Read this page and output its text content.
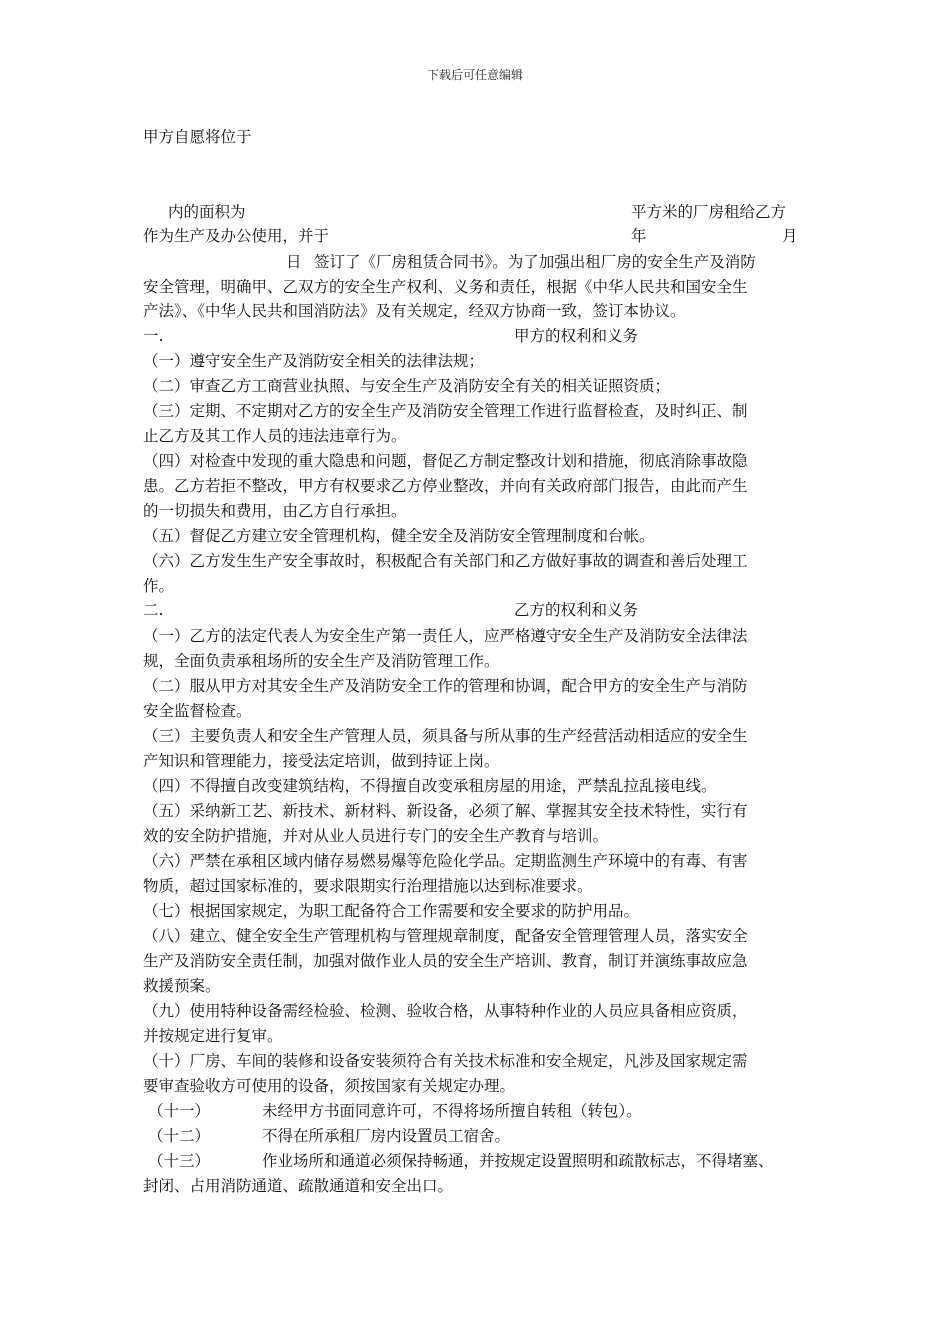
下载后可任意编辑
甲方自愿将位于
内的面积为	平方米的厂房租给乙方
作为生产及办公使用，并于	年	月
日 签订了《厂房租赁合同书》。为了加强出租厂房的安全生产及消防
安全管理，明确甲、乙双方的安全生产权利、义务和责任，根据《中华人民共和国安全生
产法》、《中华人民共和国消防法》及有关规定，经双方协商一致，签订本协议。
一.	甲方的权利和义务
（一）遵守安全生产及消防安全相关的法律法规；
（二）审查乙方工商营业执照、与安全生产及消防安全有关的相关证照资质；
（三）定期、不定期对乙方的安全生产及消防安全管理工作进行监督检查，及时纠正、制
止乙方及其工作人员的违法违章行为。
（四）对检查中发现的重大隐患和问题，督促乙方制定整改计划和措施，彻底消除事故隐
患。乙方若拒不整改，甲方有权要求乙方停业整改，并向有关政府部门报告，由此而产生
的一切损失和费用，由乙方自行承担。
（五）督促乙方建立安全管理机构，健全安全及消防安全管理制度和台帐。
（六）乙方发生生产安全事故时，积极配合有关部门和乙方做好事故的调查和善后处理工
作。
二.	乙方的权利和义务
（一）乙方的法定代表人为安全生产第一责任人，应严格遵守安全生产及消防安全法律法
规，全面负责承租场所的安全生产及消防管理工作。
（二）服从甲方对其安全生产及消防安全工作的管理和协调，配合甲方的安全生产与消防
安全监督检查。
（三）主要负责人和安全生产管理人员，须具备与所从事的生产经营活动相适应的安全生
产知识和管理能力，接受法定培训，做到持证上岗。
（四）不得擅自改变建筑结构，不得擅自改变承租房屋的用途，严禁乱拉乱接电线。
（五）采纳新工艺、新技术、新材料、新设备，必须了解、掌握其安全技术特性，实行有
效的安全防护措施，并对从业人员进行专门的安全生产教育与培训。
（六）严禁在承租区域内储存易燃易爆等危险化学品。定期监测生产环境中的有毒、有害
物质，超过国家标准的，要求限期实行治理措施以达到标准要求。
（七）根据国家规定，为职工配备符合工作需要和安全要求的防护用品。
（八）建立、健全安全生产管理机构与管理规章制度，配备安全管理管理人员，落实安全
生产及消防安全责任制，加强对做作业人员的安全生产培训、教育，制订并演练事故应急
救援预案。
（九）使用特种设备需经检验、检测、验收合格，从事特种作业的人员应具备相应资质，
并按规定进行复审。
（十）厂房、车间的装修和设备安装须符合有关技术标准和安全规定，凡涉及国家规定需
要审查验收方可使用的设备，须按国家有关规定办理。
（十一）	未经甲方书面同意许可，不得将场所擅自转租（转包）。
（十二）	不得在所承租厂房内设置员工宿舍。
（十三）	作业场所和通道必须保持畅通，并按规定设置照明和疏散标志，不得堵塞、
封闭、占用消防通道、疏散通道和安全出口。
